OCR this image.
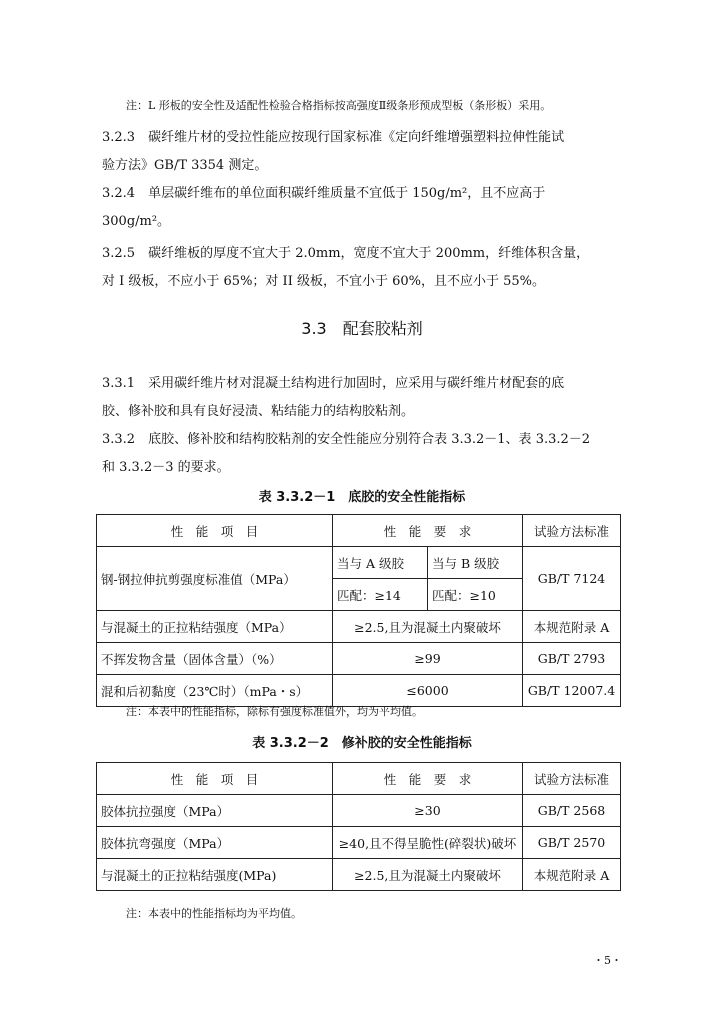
注：L 形板的安全性及适配性检验合格指标按高强度Ⅱ级条形预成型板（条形板）采用。

3.2.3　碳纤维片材的受拉性能应按现行国家标准《定向纤维增强塑料拉伸性能试
验方法》GB/T 3354 测定。
3.2.4　单层碳纤维布的单位面积碳纤维质量不宜低于 150g/m²，且不应高于
300g/m²。
3.2.5　碳纤维板的厚度不宜大于 2.0mm，宽度不宜大于 200mm，纤维体积含量，
对 I 级板，不应小于 65%；对 II 级板，不宜小于 60%，且不应小于 55%。
3.3　配套胶粘剂
3.3.1　采用碳纤维片材对混凝土结构进行加固时，应采用与碳纤维片材配套的底
胶、修补胶和具有良好浸渍、粘结能力的结构胶粘剂。
3.3.2　底胶、修补胶和结构胶粘剂的安全性能应分别符合表 3.3.2－1、表 3.3.2－2
和 3.3.2－3 的要求。
表 3.3.2－1　底胶的安全性能指标
性　能　项　目	性　能　要　求		试验方法标准
钢-钢拉伸抗剪强度标准值（MPa）	当与 A 级胶	当与 B 级胶	GB/T 7124
	匹配：≥14	匹配：≥10	
与混凝土的正拉粘结强度（MPa）	≥2.5,且为混凝土内聚破坏		本规范附录 A
不挥发物含量（固体含量）（%）	≥99		GB/T 2793
混和后初黏度（23℃时）（mPa・s）	≤6000		GB/T 12007.4

注：本表中的性能指标，除标有强度标准值外，均为平均值。

表 3.3.2－2　修补胶的安全性能指标
性　能　项　目	性　能　要　求	试验方法标准
胶体抗拉强度（MPa）	≥30	GB/T 2568
胶体抗弯强度（MPa）	≥40,且不得呈脆性(碎裂状)破坏	GB/T 2570
与混凝土的正拉粘结强度(MPa)	≥2.5,且为混凝土内聚破坏	本规范附录 A

注：本表中的性能指标均为平均值。

・5・
